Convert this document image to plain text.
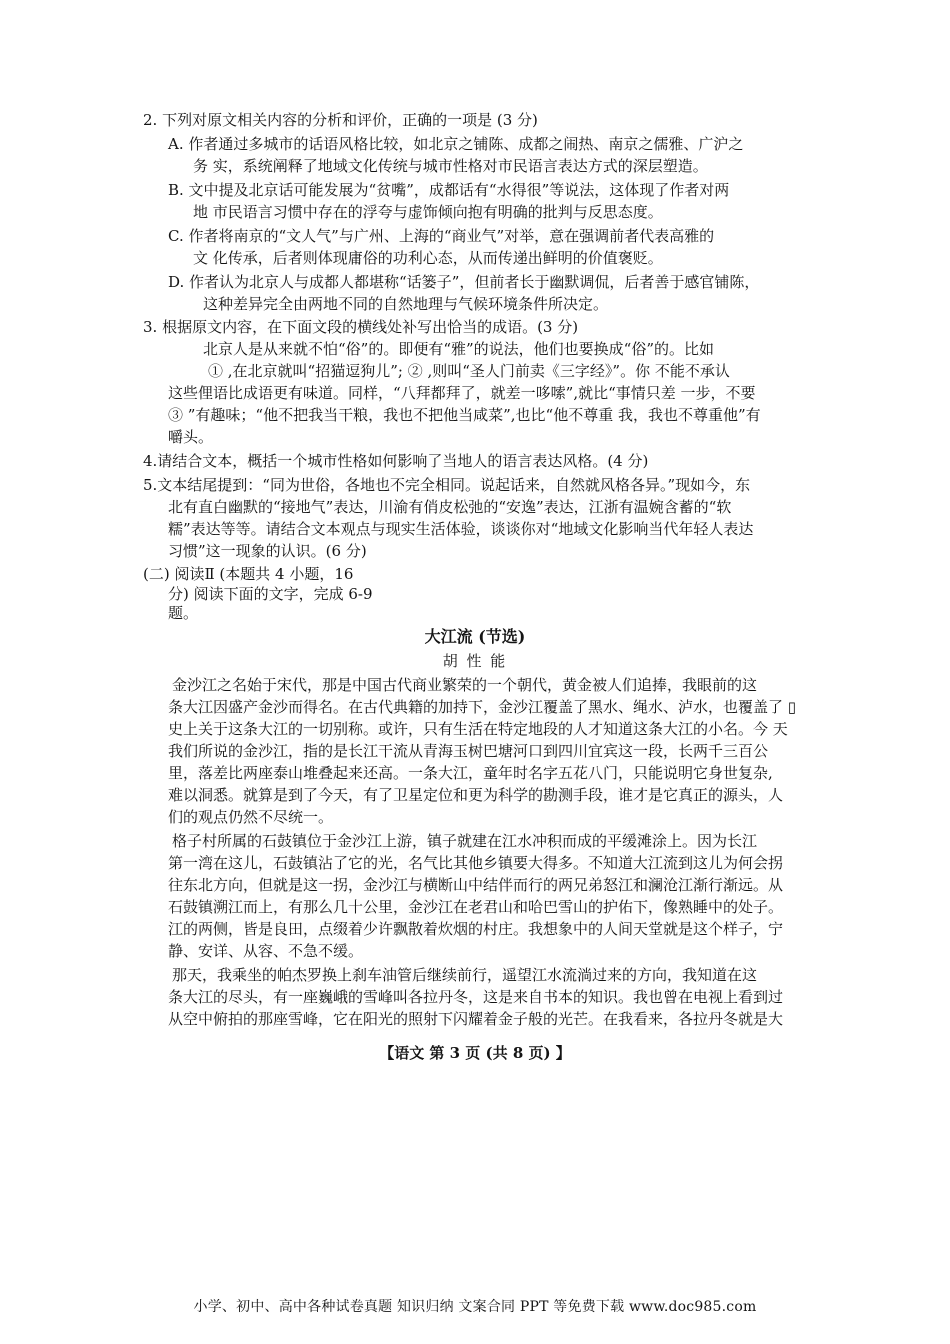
2. 下列对原文相关内容的分析和评价，正确的一项是 (3 分)
A. 作者通过多城市的话语风格比较，如北京之铺陈、成都之闹热、南京之儒雅、广沪之
务 实，系统阐释了地域文化传统与城市性格对市民语言表达方式的深层塑造。
B. 文中提及北京话可能发展为“贫嘴”，成都话有“水得很”等说法，这体现了作者对两
地 市民语言习惯中存在的浮夸与虚饰倾向抱有明确的批判与反思态度。
C. 作者将南京的“文人气”与广州、上海的“商业气”对举，意在强调前者代表高雅的
文 化传承，后者则体现庸俗的功利心态，从而传递出鲜明的价值褒贬。
D. 作者认为北京人与成都人都堪称“话篓子”，但前者长于幽默调侃，后者善于感官铺陈，
这种差异完全由两地不同的自然地理与气候环境条件所决定。
3. 根据原文内容，在下面文段的横线处补写出恰当的成语。(3 分)
北京人是从来就不怕“俗”的。即便有“雅”的说法，他们也要换成“俗”的。比如
① ,在北京就叫“招猫逗狗儿”; ② ,则叫“圣人门前卖《三字经》”。你 不能不承认
这些俚语比成语更有味道。同样，“八拜都拜了，就差一哆嗦”,就比“事情只差 一步，不要
③ ”有趣味；“他不把我当干粮，我也不把他当咸菜”,也比“他不尊重 我，我也不尊重他”有
嚼头。
4.请结合文本，概括一个城市性格如何影响了当地人的语言表达风格。(4 分)
5.文本结尾提到：“同为世俗，各地也不完全相同。说起话来，自然就风格各异。”现如今，东
北有直白幽默的“接地气”表达，川渝有俏皮松弛的“安逸”表达，江浙有温婉含蓄的“软
糯”表达等等。请结合文本观点与现实生活体验，谈谈你对“地域文化影响当代年轻人表达
习惯”这一现象的认识。(6 分)
(二) 阅读Ⅱ (本题共 4 小题，16
分) 阅读下面的文字，完成 6-9
题。
大江流 (节选)
胡 性 能
金沙江之名始于宋代，那是中国古代商业繁荣的一个朝代，黄金被人们追捧，我眼前的这
条大江因盛产金沙而得名。在古代典籍的加持下，金沙江覆盖了黑水、绳水、泸水，也覆盖了 ▯
史上关于这条大江的一切别称。或许，只有生活在特定地段的人才知道这条大江的小名。今 天
我们所说的金沙江，指的是长江干流从青海玉树巴塘河口到四川宜宾这一段，长两千三百公
里，落差比两座泰山堆叠起来还高。一条大江，童年时名字五花八门，只能说明它身世复杂,
难以洞悉。就算是到了今天，有了卫星定位和更为科学的勘测手段，谁才是它真正的源头，人
们的观点仍然不尽统一。
格子村所属的石鼓镇位于金沙江上游，镇子就建在江水冲积而成的平缓滩涂上。因为长江
第一湾在这儿，石鼓镇沾了它的光，名气比其他乡镇要大得多。不知道大江流到这儿为何会拐
往东北方向，但就是这一拐，金沙江与横断山中结伴而行的两兄弟怒江和澜沧江渐行渐远。从
石鼓镇溯江而上，有那么几十公里，金沙江在老君山和哈巴雪山的护佑下，像熟睡中的处子。
江的两侧，皆是良田，点缀着少许飘散着炊烟的村庄。我想象中的人间天堂就是这个样子，宁
静、安详、从容、不急不缓。
那天，我乘坐的帕杰罗换上刹车油管后继续前行，遥望江水流淌过来的方向，我知道在这
条大江的尽头，有一座巍峨的雪峰叫各拉丹冬，这是来自书本的知识。我也曾在电视上看到过
从空中俯拍的那座雪峰，它在阳光的照射下闪耀着金子般的光芒。在我看来，各拉丹冬就是大
【语文 第 3 页 (共 8 页) 】
小学、初中、高中各种试卷真题 知识归纳 文案合同 PPT 等免费下载 www.doc985.com
